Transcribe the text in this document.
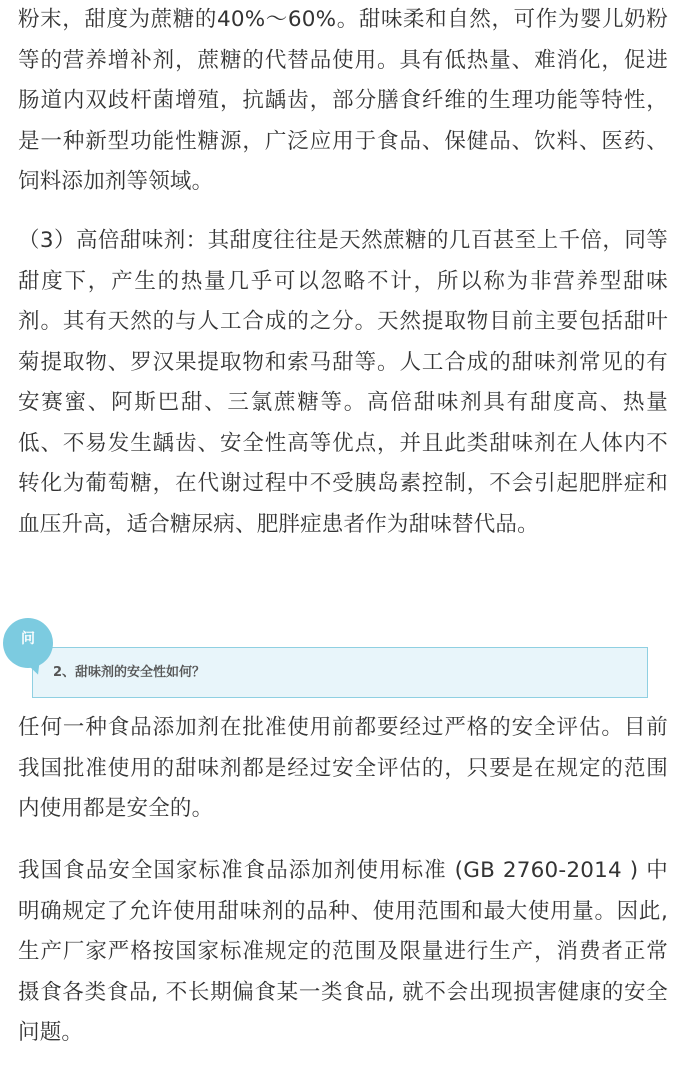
粉末，甜度为蔗糖的40%～60%。甜味柔和自然，可作为婴儿奶粉等的营养增补剂，蔗糖的代替品使用。具有低热量、难消化，促进肠道内双歧杆菌增殖，抗龋齿，部分膳食纤维的生理功能等特性，是一种新型功能性糖源，广泛应用于食品、保健品、饮料、医药、饲料添加剂等领域。

（3）高倍甜味剂：其甜度往往是天然蔗糖的几百甚至上千倍，同等甜度下，产生的热量几乎可以忽略不计，所以称为非营养型甜味剂。其有天然的与人工合成的之分。天然提取物目前主要包括甜叶菊提取物、罗汉果提取物和索马甜等。人工合成的甜味剂常见的有安赛蜜、阿斯巴甜、三氯蔗糖等。高倍甜味剂具有甜度高、热量低、不易发生龋齿、安全性高等优点，并且此类甜味剂在人体内不转化为葡萄糖，在代谢过程中不受胰岛素控制，不会引起肥胖症和血压升高，适合糖尿病、肥胖症患者作为甜味替代品。

2、甜味剂的安全性如何？
问

任何一种食品添加剂在批准使用前都要经过严格的安全评估。目前我国批准使用的甜味剂都是经过安全评估的，只要是在规定的范围内使用都是安全的。

我国食品安全国家标准食品添加剂使用标准 (GB 2760-2014 ) 中明确规定了允许使用甜味剂的品种、使用范围和最大使用量。因此,生产厂家严格按国家标准规定的范围及限量进行生产，消费者正常摄食各类食品, 不长期偏食某一类食品, 就不会出现损害健康的安全问题。
